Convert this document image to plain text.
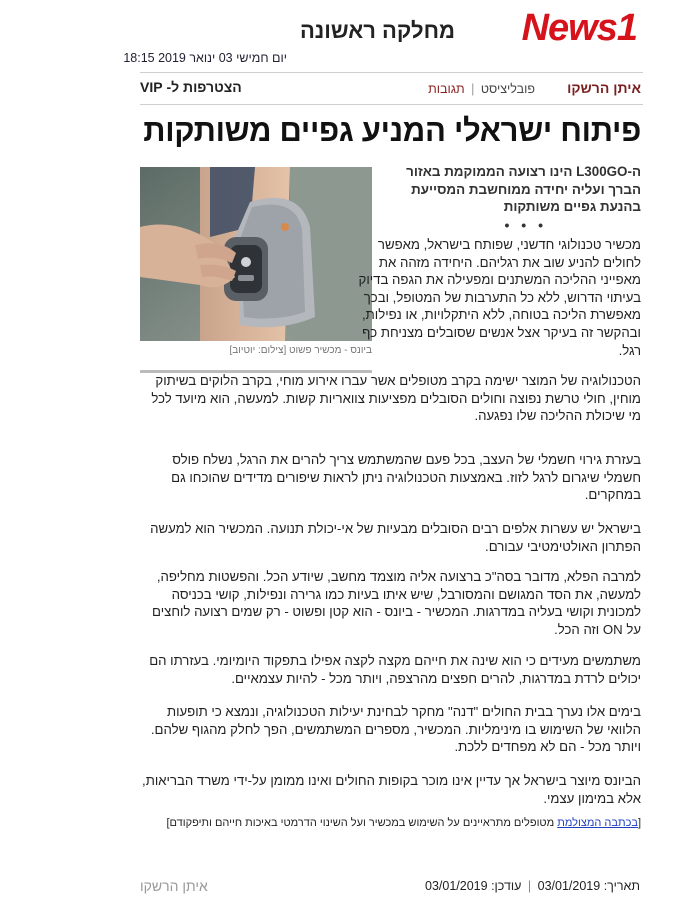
News1
מחלקה ראשונה
יום חמישי 03 ינואר 2019 18:15
איתן הרשקו
פובליציסט | תגובות
הצטרפות ל- VIP
פיתוח ישראלי המניע גפיים משותקות
ביונס - מכשיר פשוט [צילום: יוטיוב]
ה-L300GO הינו רצועה הממוקמת באזור הברך ועליה יחידה ממוחשבת המסייעת בהנעת גפיים משותקות
• • •
מכשיר טכנולוגי חדשני, שפותח בישראל, מאפשר לחולים להניע שוב את רגליהם. היחידה מזהה את מאפייני ההליכה המשתנים ומפעילה את הגפה בדיוק בעיתוי הדרוש, ללא כל התערבות של המטופל, ובכך מאפשרת הליכה בטוחה, ללא היתקלויות, או נפילות, ובהקשר זה בעיקר אצל אנשים שסובלים מצניחת כף רגל.
הטכנולוגיה של המוצר ישימה בקרב מטופלים אשר עברו אירוע מוחי, בקרב הלוקים בשיתוק מוחין, חולי טרשת נפוצה וחולים הסובלים מפציעות צוואריות קשות. למעשה, הוא מיועד לכל מי שיכולת ההליכה שלו נפגעה.
בעזרת גירוי חשמלי של העצב, בכל פעם שהמשתמש צריך להרים את הרגל, נשלח פולס חשמלי שיגרום לרגל לזוז. באמצעות הטכנולוגיה ניתן לראות שיפורים מדידים שהוכחו גם במחקרים.
בישראל יש עשרות אלפים רבים הסובלים מבעיות של אי-יכולת תנועה. המכשיר הוא למעשה הפתרון האולטימטיבי עבורם.
למרבה הפלא, מדובר בסה"כ ברצועה אליה מוצמד מחשב, שיודע הכל. והפשטות מחליפה, למעשה, את הסד המגושם והמסורבל, שיש איתו בעיות כמו גרירה ונפילות, קושי בכניסה למכונית וקושי בעליה במדרגות. המכשיר - ביונס - הוא קטן ופשוט - רק שמים רצועה לוחצים על ON וזה הכל.
משתמשים מעידים כי הוא שינה את חייהם מקצה לקצה אפילו בתפקוד היומיומי. בעזרתו הם יכולים לרדת במדרגות, להרים חפצים מהרצפה, ויותר מכל - להיות עצמאיים.
בימים אלו נערך בבית החולים "דנה" מחקר לבחינת יעילות הטכנולוגיה, ונמצא כי תופעות הלוואי של השימוש בו מינימליות. המכשיר, מספרים המשתמשים, הפך לחלק מהגוף שלהם. ויותר מכל - הם לא מפחדים ללכת.
הביונס מיוצר בישראל אך עדיין אינו מוכר בקופות החולים ואינו ממומן על-ידי משרד הבריאות, אלא במימון עצמי.
[בכתבה המצולמת מטופלים מתראיינים על השימוש במכשיר ועל השינוי הדרמטי באיכות חייהם ותיפקודם]
תאריך: 03/01/2019 | עודכן: 03/01/2019
איתן הרשקו
